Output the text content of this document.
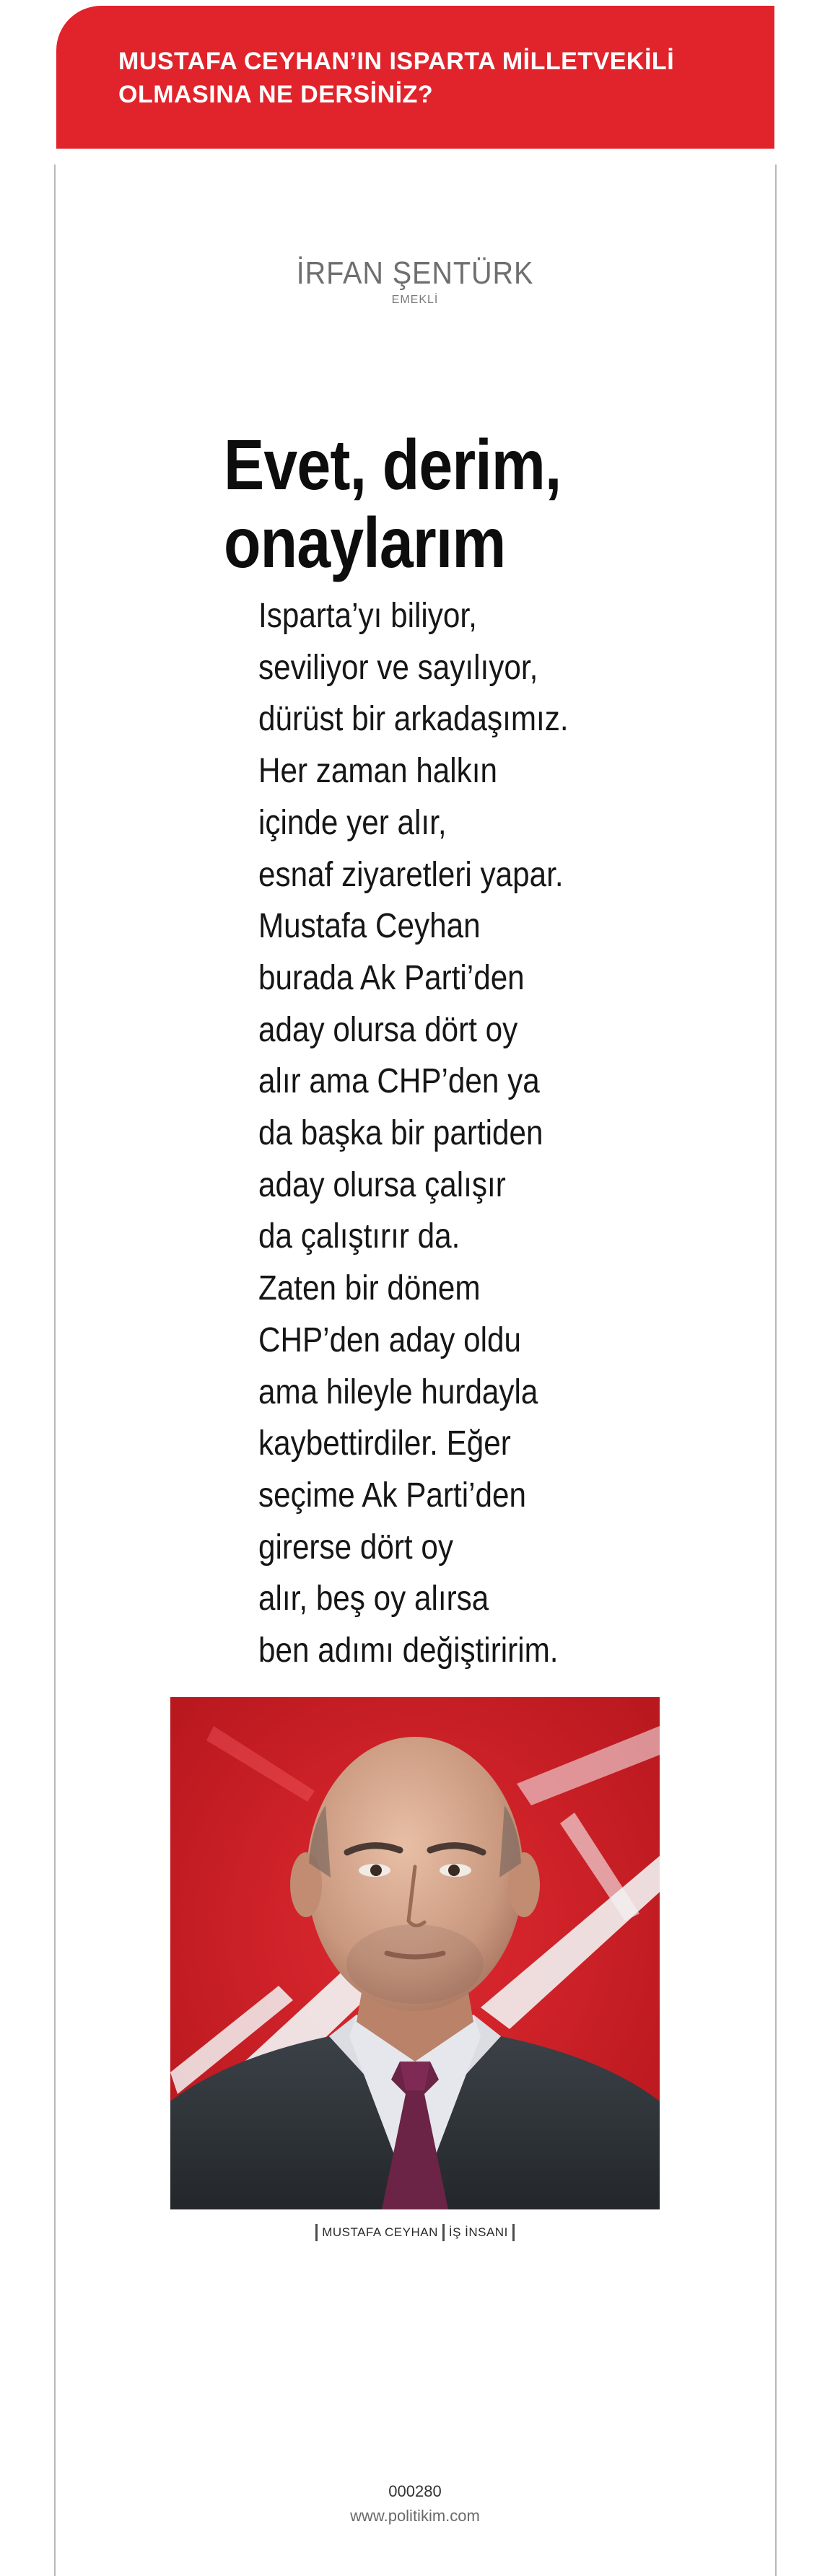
MUSTAFA CEYHAN’IN ISPARTA MİLLETVEKİLİ
OLMASINA NE DERSİNİZ?
İRFAN ŞENTÜRK
EMEKLİ
Evet, derim,
onaylarım
Isparta’yı biliyor,
seviliyor ve sayılıyor,
dürüst bir arkadaşımız.
Her zaman halkın
içinde yer alır,
esnaf ziyaretleri yapar.
Mustafa Ceyhan
burada Ak Parti’den
aday olursa dört oy
alır ama CHP’den ya
da başka bir partiden
aday olursa çalışır
da çalıştırır da.
Zaten bir dönem
CHP’den aday oldu
ama hileyle hurdayla
kaybettirdiler. Eğer
seçime Ak Parti’den
girerse dört oy
alır, beş oy alırsa
ben adımı değiştiririm.
MUSTAFA CEYHAN İŞ İNSANI
000280
www.politikim.com
